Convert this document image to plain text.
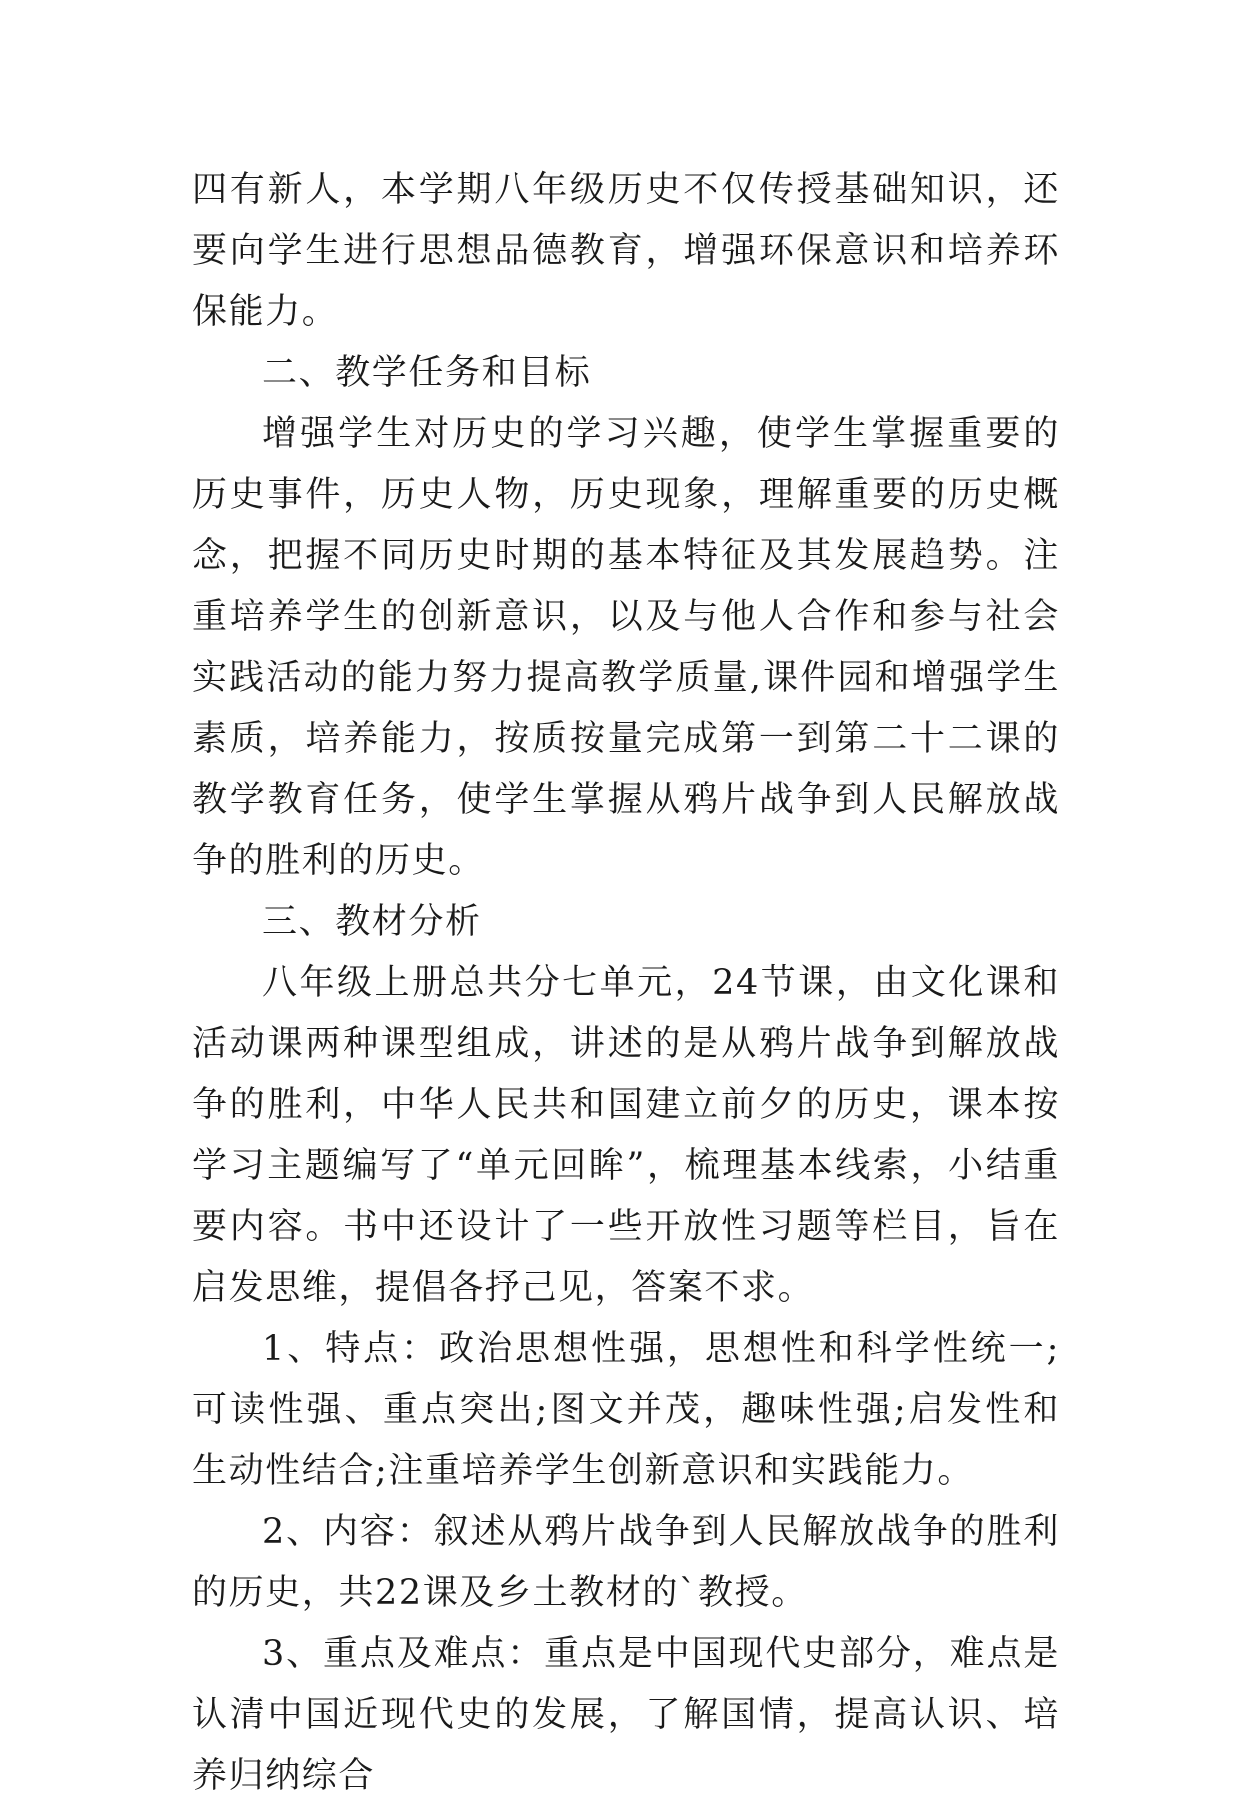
四有新人，本学期八年级历史不仅传授基础知识，还要向学生进行思想品德教育，增强环保意识和培养环保能力。

二、教学任务和目标

增强学生对历史的学习兴趣，使学生掌握重要的历史事件，历史人物，历史现象，理解重要的历史概念，把握不同历史时期的基本特征及其发展趋势。注重培养学生的创新意识，以及与他人合作和参与社会实践活动的能力努力提高教学质量,课件园和增强学生素质，培养能力，按质按量完成第一到第二十二课的教学教育任务，使学生掌握从鸦片战争到人民解放战争的胜利的历史。

三、教材分析

八年级上册总共分七单元，24节课，由文化课和活动课两种课型组成，讲述的是从鸦片战争到解放战争的胜利，中华人民共和国建立前夕的历史，课本按学习主题编写了“单元回眸”，梳理基本线索，小结重要内容。书中还设计了一些开放性习题等栏目，旨在启发思维，提倡各抒己见，答案不求。

1、特点：政治思想性强，思想性和科学性统一;可读性强、重点突出;图文并茂，趣味性强;启发性和生动性结合;注重培养学生创新意识和实践能力。

2、内容：叙述从鸦片战争到人民解放战争的胜利的历史，共22课及乡土教材的`教授。

3、重点及难点：重点是中国现代史部分，难点是认清中国近现代史的发展，了解国情，提高认识、培养归纳综合
